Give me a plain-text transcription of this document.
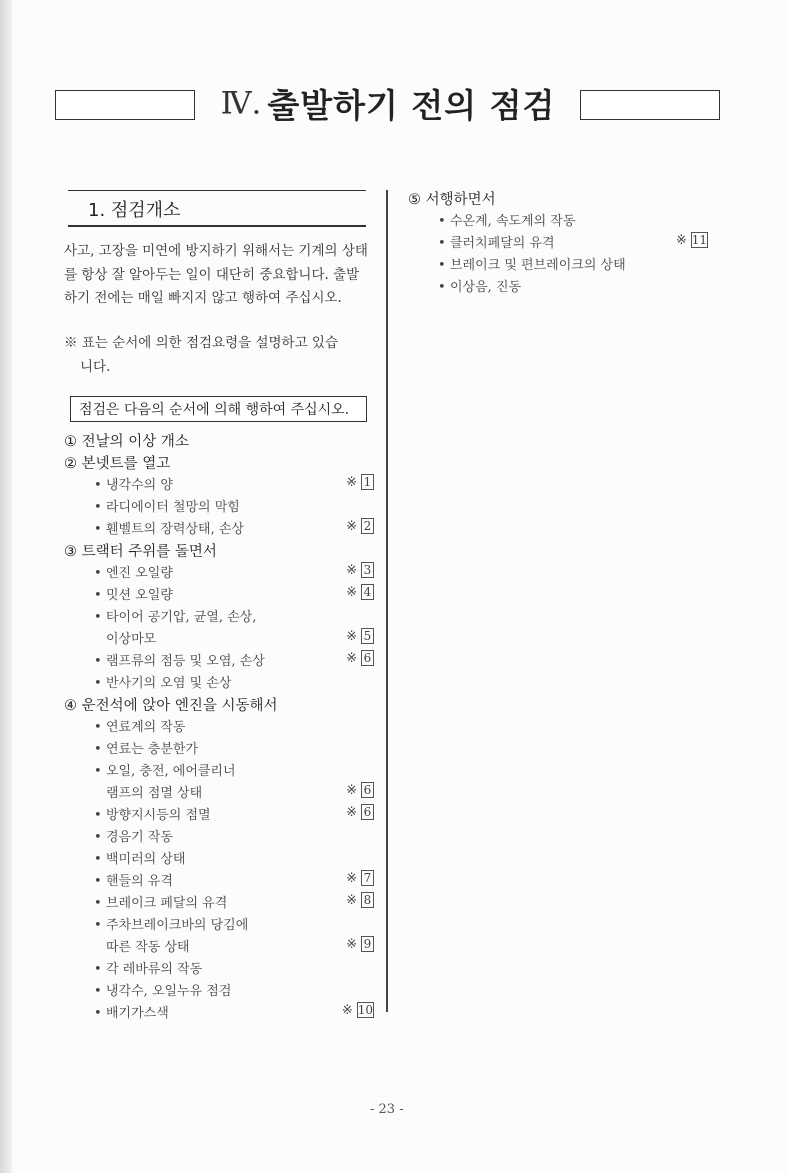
Ⅳ. 출발하기 전의 점검
1. 점검개소
사고, 고장을 미연에 방지하기 위해서는 기계의 상태를 항상 잘 알아두는 일이 대단히 중요합니다. 출발하기 전에는 매일 빠지지 않고 행하여 주십시오.
※ 표는 순서에 의한 점검요령을 설명하고 있습
니다.
점검은 다음의 순서에 의해 행하여 주십시오.
① 전날의 이상 개소
② 본넷트를 열고
• 냉각수의 양	※ 1
• 라디에이터 철망의 막힘
• 휀벨트의 장력상태, 손상	※ 2
③ 트랙터 주위를 돌면서
• 엔진 오일량	※ 3
• 밋션 오일량	※ 4
• 타이어 공기압, 균열, 손상,
이상마모	※ 5
• 램프류의 점등 및 오염, 손상	※ 6
• 반사기의 오염 및 손상
④ 운전석에 앉아 엔진을 시동해서
• 연료계의 작동
• 연료는 충분한가
• 오일, 충전, 에어클리너
램프의 점멸 상태	※ 6
• 방향지시등의 점멸	※ 6
• 경음기 작동
• 백미러의 상태
• 핸들의 유격	※ 7
• 브레이크 페달의 유격	※ 8
• 주차브레이크바의 당김에
따른 작동 상태	※ 9
• 각 레바류의 작동
• 냉각수, 오일누유 점검
• 배기가스색	※ 10
⑤ 서행하면서
• 수온계, 속도계의 작동
• 클러치페달의 유격	※ 11
• 브레이크 및 편브레이크의 상태
• 이상음, 진동
- 23 -
